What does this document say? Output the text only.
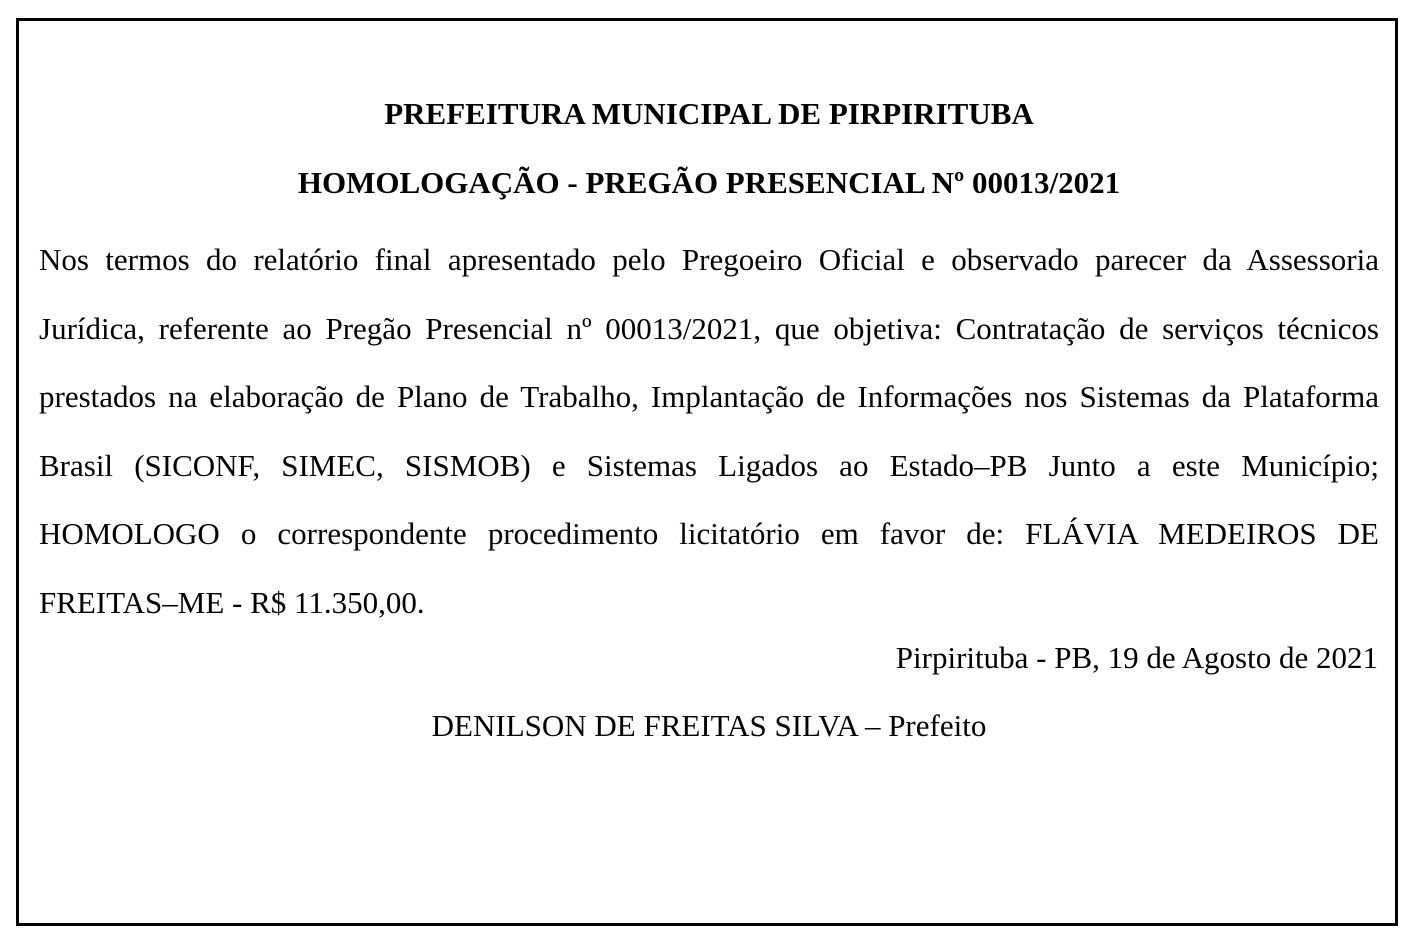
PREFEITURA MUNICIPAL DE PIRPIRITUBA
HOMOLOGAÇÃO - PREGÃO PRESENCIAL Nº 00013/2021

Nos termos do relatório final apresentado pelo Pregoeiro Oficial e observado parecer da Assessoria Jurídica, referente ao Pregão Presencial nº 00013/2021, que objetiva: Contratação de serviços técnicos prestados na elaboração de Plano de Trabalho, Implantação de Informações nos Sistemas da Plataforma Brasil (SICONF, SIMEC, SISMOB) e Sistemas Ligados ao Estado–PB Junto a este Município; HOMOLOGO o correspondente procedimento licitatório em favor de: FLÁVIA MEDEIROS DE FREITAS–ME - R$ 11.350,00.

Pirpirituba - PB, 19 de Agosto de 2021
DENILSON DE FREITAS SILVA – Prefeito
